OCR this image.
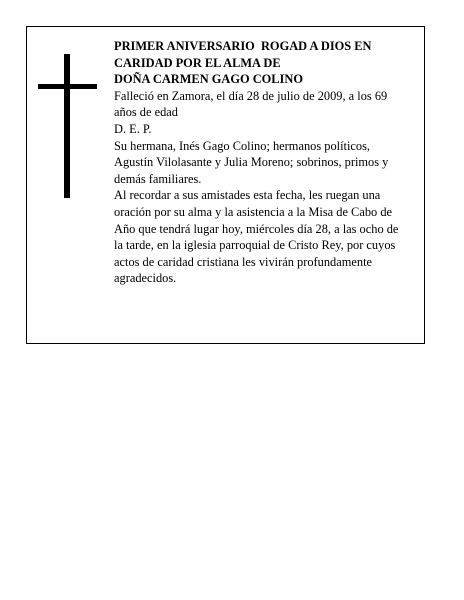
PRIMER ANIVERSARIO  ROGAD A DIOS EN CARIDAD POR EL ALMA DE

DOÑA CARMEN GAGO COLINO

Falleció en Zamora, el día 28 de julio de 2009, a los 69 años de edad

D. E. P.

Su hermana, Inés Gago Colino; hermanos políticos, Agustín Vilolasante y Julia Moreno; sobrinos, primos y demás familiares.

Al recordar a sus amistades esta fecha, les ruegan una oración por su alma y la asistencia a la Misa de Cabo de Año que tendrá lugar hoy, miércoles día 28, a las ocho de la tarde, en la iglesia parroquial de Cristo Rey, por cuyos actos de caridad cristiana les vivirán profundamente agradecidos.
